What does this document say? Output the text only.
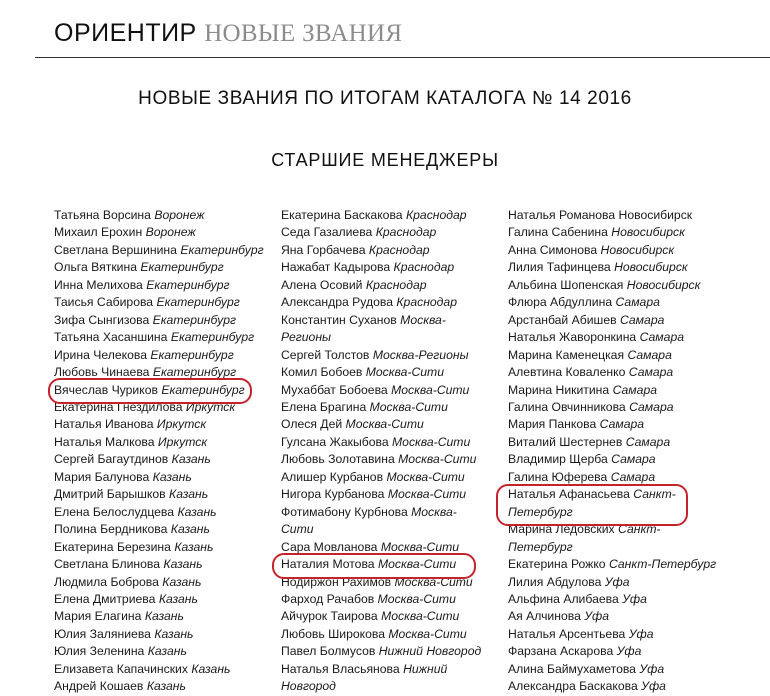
ОРИЕНТИР НОВЫЕ ЗВАНИЯ
НОВЫЕ ЗВАНИЯ ПО ИТОГАМ КАТАЛОГА № 14 2016
СТАРШИЕ МЕНЕДЖЕРЫ
Татьяна Ворсина Воронеж
Михаил Ерохин Воронеж
Светлана Вершинина Екатеринбург
Ольга Вяткина Екатеринбург
Инна Мелихова Екатеринбург
Таисья Сабирова Екатеринбург
Зифа Сынгизова Екатеринбург
Татьяна Хасаншина Екатеринбург
Ирина Челекова Екатеринбург
Любовь Чинаева Екатеринбург
Вячеслав Чуриков Екатеринбург
Екатерина Гнездилова Иркутск
Наталья Иванова Иркутск
Наталья Малкова Иркутск
Сергей Багаутдинов Казань
Мария Балунова Казань
Дмитрий Барышков Казань
Елена Белослудцева Казань
Полина Бердникова Казань
Екатерина Березина Казань
Светлана Блинова Казань
Людмила Боброва Казань
Елена Дмитриева Казань
Мария Елагина Казань
Юлия Заляниева Казань
Юлия Зеленина Казань
Елизавета Капачинских Казань
Андрей Кошаев Казань
Екатерина Баскакова Краснодар
Седа Газалиева Краснодар
Яна Горбачева Краснодар
Нажабат Кадырова Краснодар
Алена Осовий Краснодар
Александра Рудова Краснодар
Константин Суханов Москва-
Регионы
Сергей Толстов Москва-Регионы
Комил Бобоев Москва-Сити
Мухаббат Бобоева Москва-Сити
Елена Брагина Москва-Сити
Олеся Дей Москва-Сити
Гулсана Жакыбова Москва-Сити
Любовь Золотавина Москва-Сити
Алишер Курбанов Москва-Сити
Нигора Курбанова Москва-Сити
Фотимабону Курбнова Москва-
Сити
Сара Мовланова Москва-Сити
Наталия Мотова Москва-Сити
Нодиржон Рахимов Москва-Сити
Фарход Рачабов Москва-Сити
Айчурок Таирова Москва-Сити
Любовь Широкова Москва-Сити
Павел Болмусов Нижний Новгород
Наталья Власьянова Нижний
Новгород
Наталья Романова Новосибирск
Галина Сабенина Новосибирск
Анна Симонова Новосибирск
Лилия Тафинцева Новосибирск
Альбина Шопенская Новосибирск
Флюра Абдуллина Самара
Арстанбай Абишев Самара
Наталья Жаворонкина Самара
Марина Каменецкая Самара
Алевтина Коваленко Самара
Марина Никитина Самара
Галина Овчинникова Самара
Мария Панкова Самара
Виталий Шестернев Самара
Владимир Щерба Самара
Галина Юферева Самара
Наталья Афанасьева Санкт-
Петербург
Марина Ледовских Санкт-
Петербург
Екатерина Рожко Санкт-Петербург
Лилия Абдулова Уфа
Альфина Алибаева Уфа
Ая Алчинова Уфа
Наталья Арсентьева Уфа
Фарзана Аскарова Уфа
Алина Баймухаметова Уфа
Александра Баскакова Уфа
